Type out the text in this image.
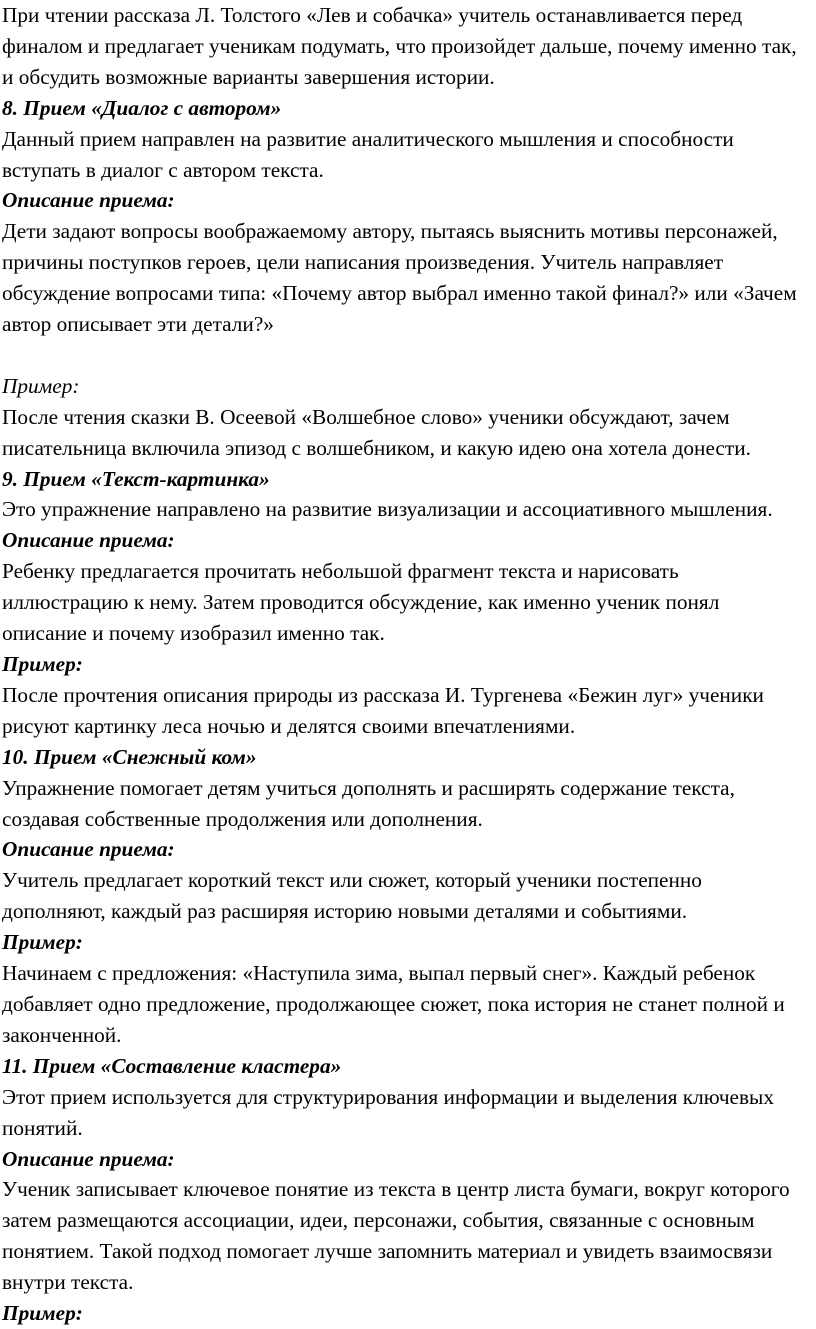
При чтении рассказа Л. Толстого «Лев и собачка» учитель останавливается перед финалом и предлагает ученикам подумать, что произойдет дальше, почему именно так, и обсудить возможные варианты завершения истории.

8. Прием «Диалог с автором»

Данный прием направлен на развитие аналитического мышления и способности вступать в диалог с автором текста.

Описание приема:

Дети задают вопросы воображаемому автору, пытаясь выяснить мотивы персонажей, причины поступков героев, цели написания произведения. Учитель направляет обсуждение вопросами типа: «Почему автор выбрал именно такой финал?» или «Зачем автор описывает эти детали?»

Пример:

После чтения сказки В. Осеевой «Волшебное слово» ученики обсуждают, зачем писательница включила эпизод с волшебником, и какую идею она хотела донести.

9. Прием «Текст-картинка»

Это упражнение направлено на развитие визуализации и ассоциативного мышления.

Описание приема:

Ребенку предлагается прочитать небольшой фрагмент текста и нарисовать иллюстрацию к нему. Затем проводится обсуждение, как именно ученик понял описание и почему изобразил именно так.

Пример:

После прочтения описания природы из рассказа И. Тургенева «Бежин луг» ученики рисуют картинку леса ночью и делятся своими впечатлениями.

10. Прием «Снежный ком»

Упражнение помогает детям учиться дополнять и расширять содержание текста, создавая собственные продолжения или дополнения.

Описание приема:

Учитель предлагает короткий текст или сюжет, который ученики постепенно дополняют, каждый раз расширяя историю новыми деталями и событиями.

Пример:

Начинаем с предложения: «Наступила зима, выпал первый снег». Каждый ребенок добавляет одно предложение, продолжающее сюжет, пока история не станет полной и законченной.

11. Прием «Составление кластера»

Этот прием используется для структурирования информации и выделения ключевых понятий.

Описание приема:

Ученик записывает ключевое понятие из текста в центр листа бумаги, вокруг которого затем размещаются ассоциации, идеи, персонажи, события, связанные с основным понятием. Такой подход помогает лучше запомнить материал и увидеть взаимосвязи внутри текста.

Пример:
